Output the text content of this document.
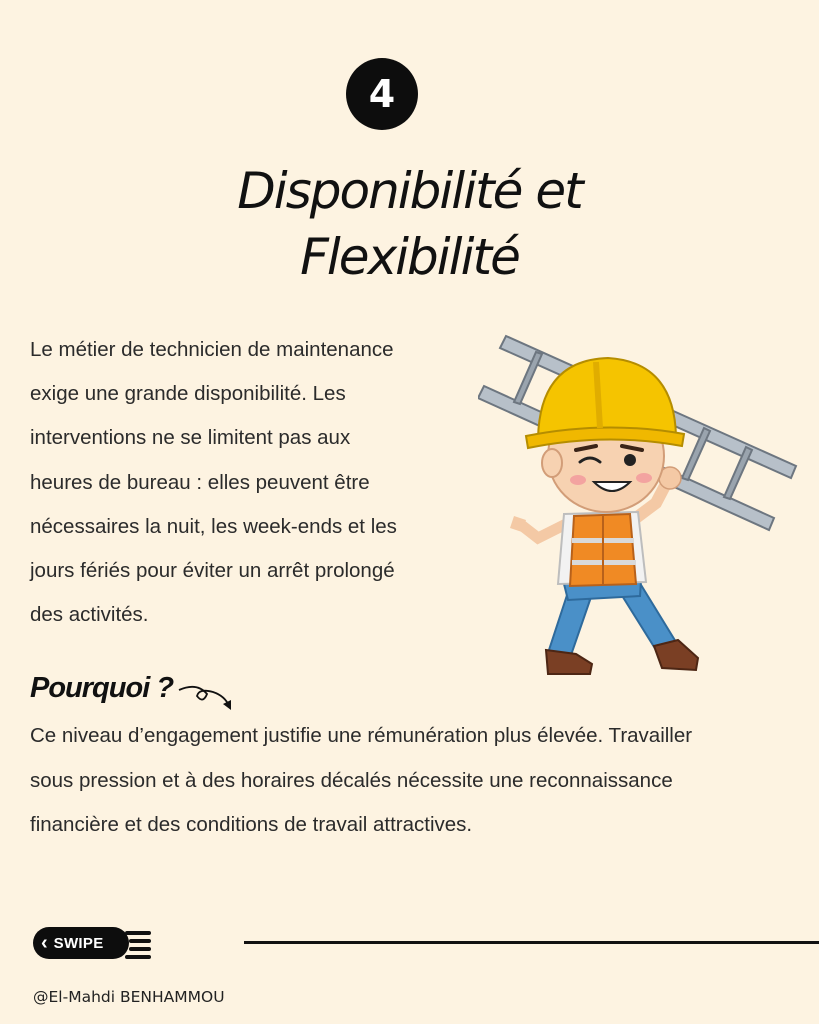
4
Disponibilité et
Flexibilité
Le métier de technicien de maintenance
exige une grande disponibilité. Les
interventions ne se limitent pas aux
heures de bureau : elles peuvent être
nécessaires la nuit, les week-ends et les
jours fériés pour éviter un arrêt prolongé
des activités.
Pourquoi ?
Ce niveau d’engagement justifie une rémunération plus élevée. Travailler
sous pression et à des horaires décalés nécessite une reconnaissance
financière et des conditions de travail attractives.
‹ SWIPE
@El-Mahdi BENHAMMOU
